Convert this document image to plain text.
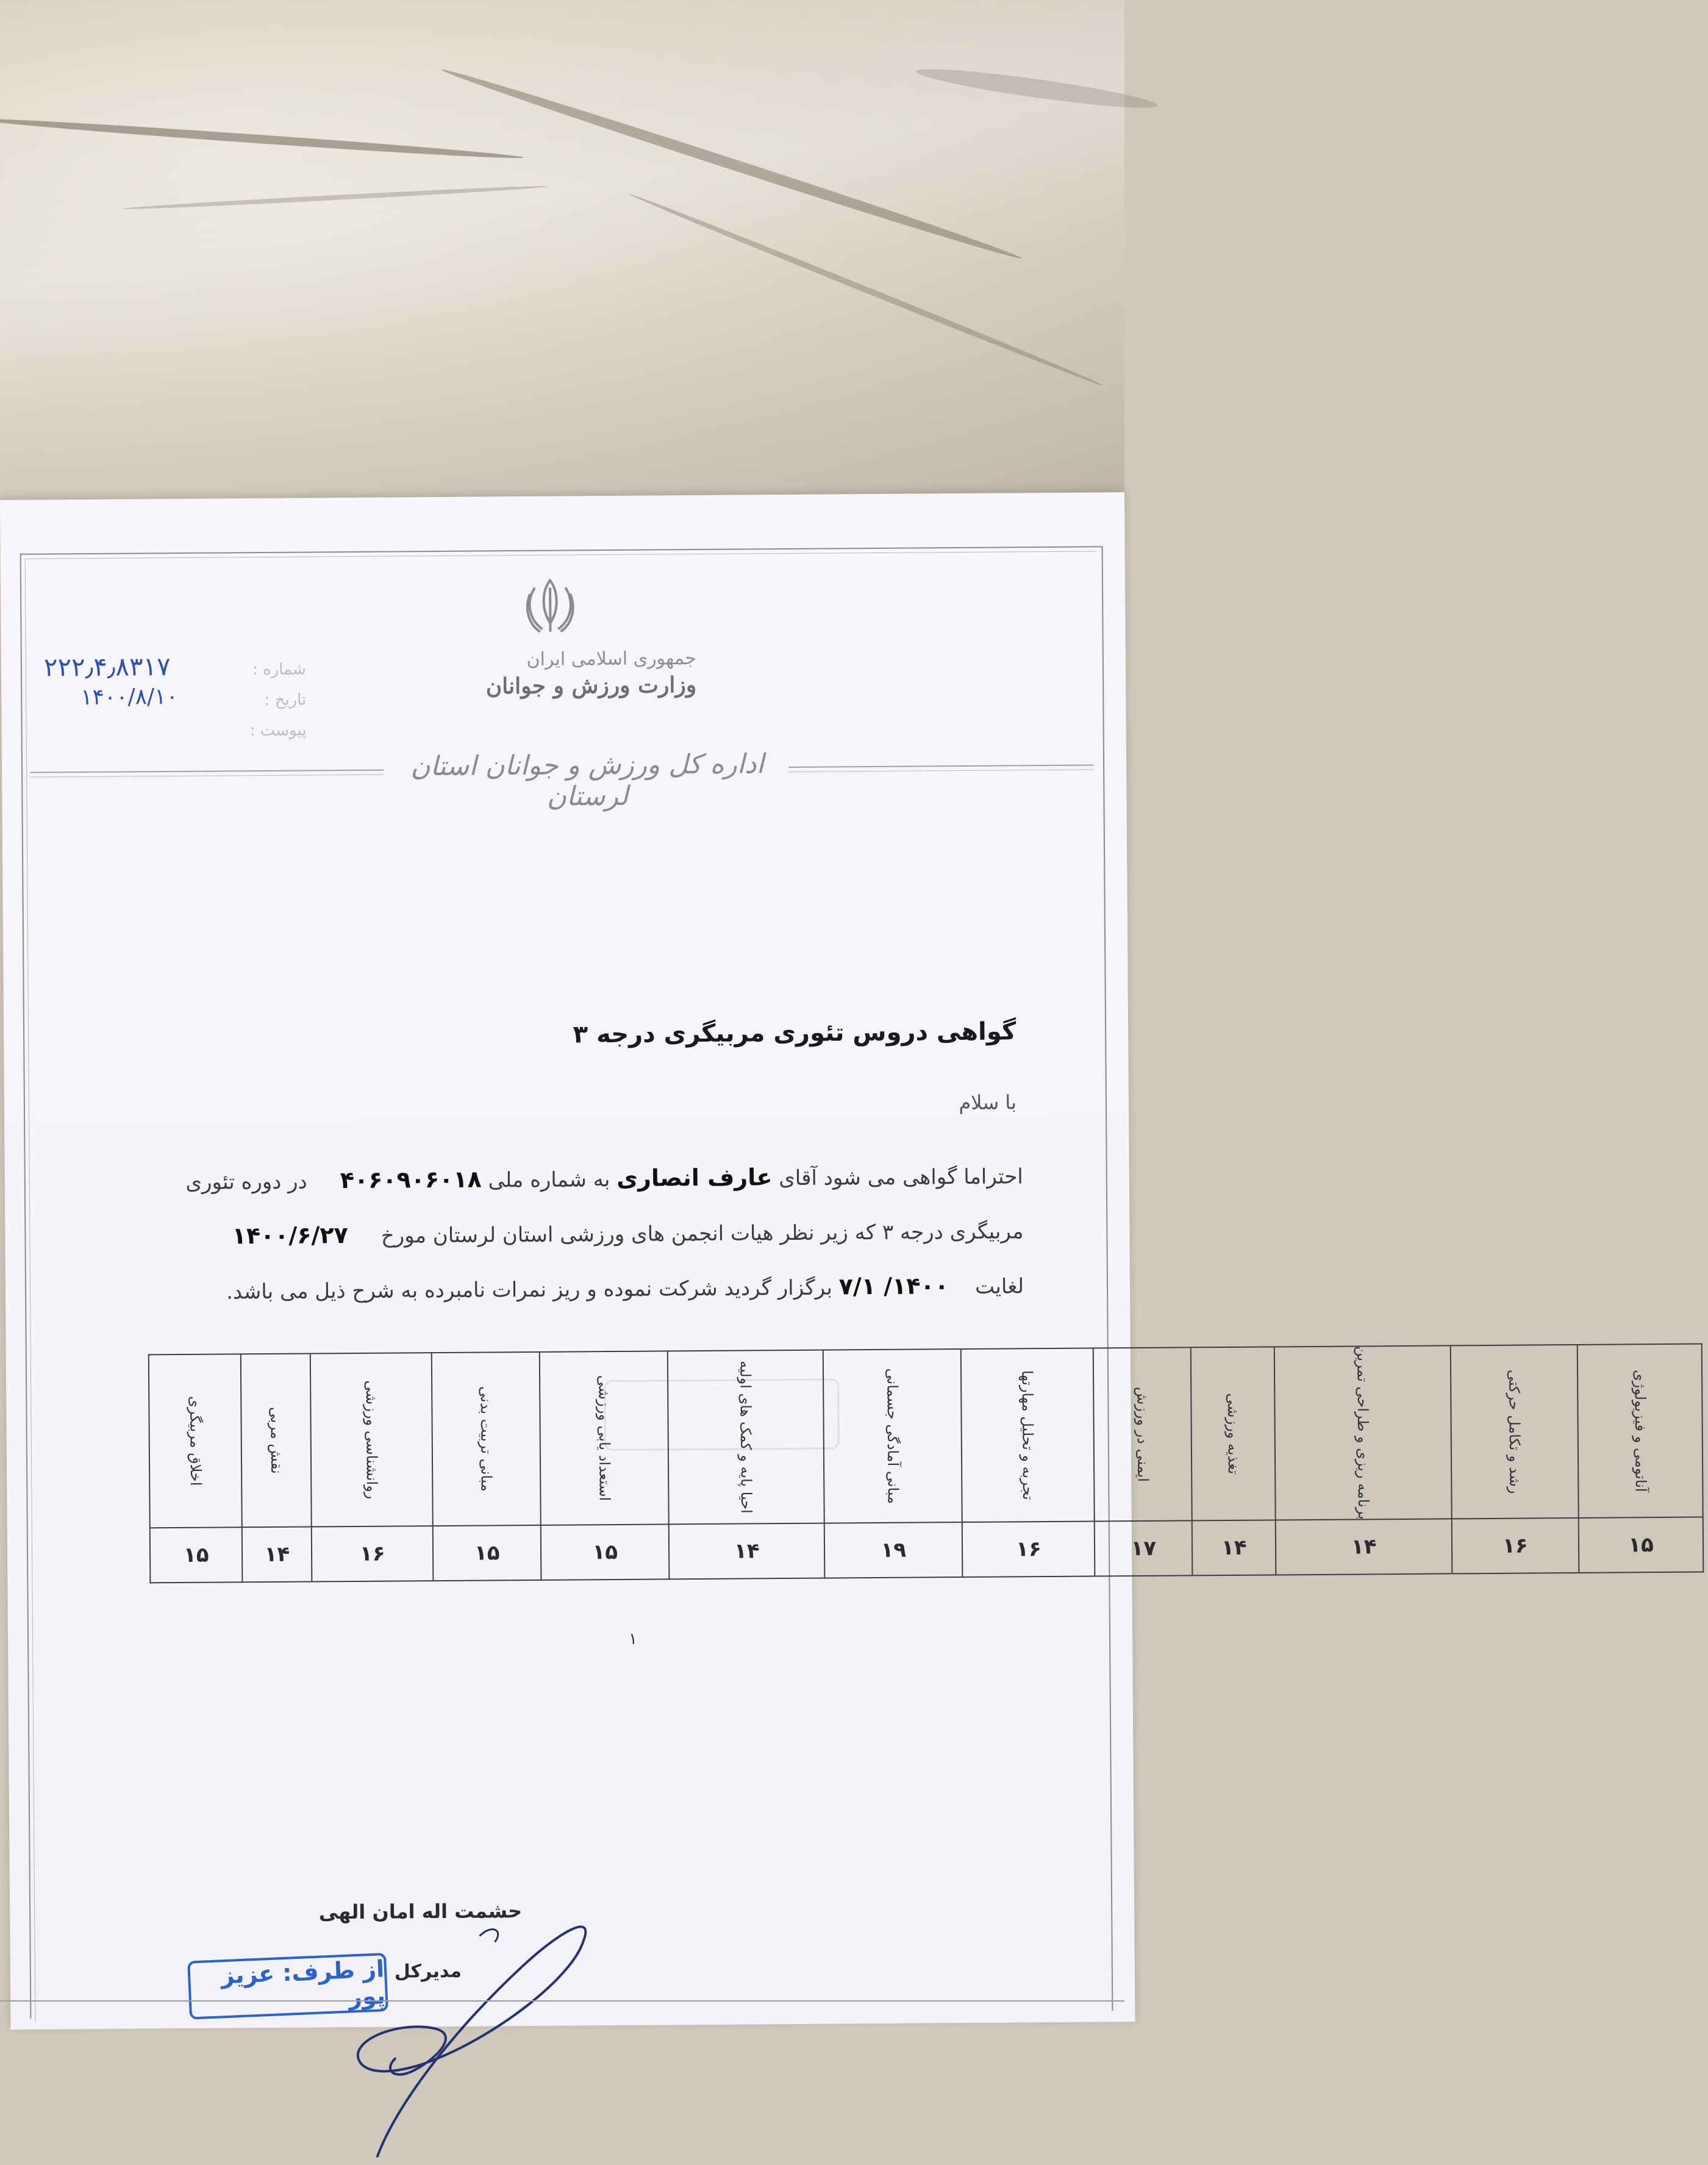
جمهوری اسلامی ایران
وزارت ورزش و جوانان
شماره :
۲۲۲٫۴٫۸۳۱۷
تاریخ :
۱۴۰۰/۸/۱۰
پیوست :
اداره کل ورزش و جوانان استان لرستان
گواهی دروس تئوری مربیگری درجه ۳
با سلام
احتراما گواهی می شود آقای عارف انصاری به شماره ملی ۴۰۶۰۹۰۶۰۱۸     در دوره تئوری
مربیگری درجه ۳ که زیر نظر هیات انجمن های ورزشی استان لرستان مورخ     ۱۴۰۰/۶/۲۷
لغایت    ۱۴۰۰/ ۷/۱ برگزار گردید شرکت نموده و ریز نمرات نامبرده به شرح ذیل می باشد.
آناتومی و فیزیولوژی	رشد و تکامل حرکتی	برنامه ریزی و طراحی تمرین	تغذیه ورزشی	ایمنی در ورزش	تجربه و تحلیل مهارتها	مبانی آمادگی جسمانی	احیا پایه و کمک های اولیه	استعداد یابی ورزشی	مبانی تربیت بدنی	روانشناسی ورزشی	نقش مربی	اخلاق مربیگری
۱۵	۱۶	۱۴	۱۴	۱۷	۱۶	۱۹	۱۴	۱۵	۱۵	۱۶	۱۴	۱۵
۱
حشمت اله امان الهی
مدیرکل
از طرف: عزیز پور
